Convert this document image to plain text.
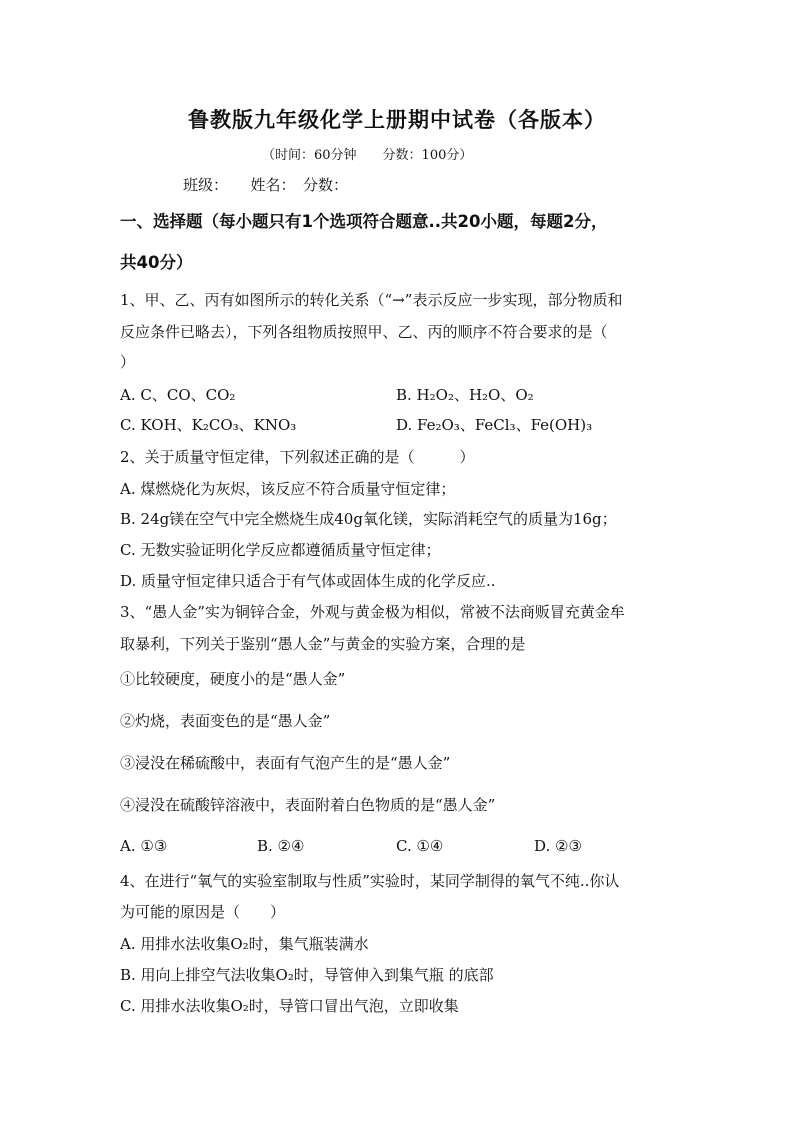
鲁教版九年级化学上册期中试卷（各版本）
（时间：60分钟　　分数：100分）
班级：　　姓名：　分数：
一、选择题（每小题只有1个选项符合题意..共20小题，每题2分，
共40分）
1、甲、乙、丙有如图所示的转化关系（“→”表示反应一步实现，部分物质和
反应条件已略去），下列各组物质按照甲、乙、丙的顺序不符合要求的是（
）
A. C、CO、CO₂	B. H₂O₂、H₂O、O₂
C. KOH、K₂CO₃、KNO₃	D. Fe₂O₃、FeCl₃、Fe(OH)₃
2、关于质量守恒定律，下列叙述正确的是（　　　）
A. 煤燃烧化为灰烬，该反应不符合质量守恒定律；
B. 24g镁在空气中完全燃烧生成40g氧化镁，实际消耗空气的质量为16g；
C. 无数实验证明化学反应都遵循质量守恒定律；
D. 质量守恒定律只适合于有气体或固体生成的化学反应..
3、“愚人金”实为铜锌合金，外观与黄金极为相似，常被不法商贩冒充黄金牟
取暴利，下列关于鉴别“愚人金”与黄金的实验方案，合理的是
①比较硬度，硬度小的是“愚人金”
②灼烧，表面变色的是“愚人金”
③浸没在稀硫酸中，表面有气泡产生的是“愚人金”
④浸没在硫酸锌溶液中，表面附着白色物质的是“愚人金”
A. ①③	B. ②④	C. ①④	D. ②③
4、在进行“氧气的实验室制取与性质”实验时，某同学制得的氧气不纯..你认
为可能的原因是（　　）
A. 用排水法收集O₂时，集气瓶装满水
B. 用向上排空气法收集O₂时，导管伸入到集气瓶 的底部
C. 用排水法收集O₂时，导管口冒出气泡，立即收集
